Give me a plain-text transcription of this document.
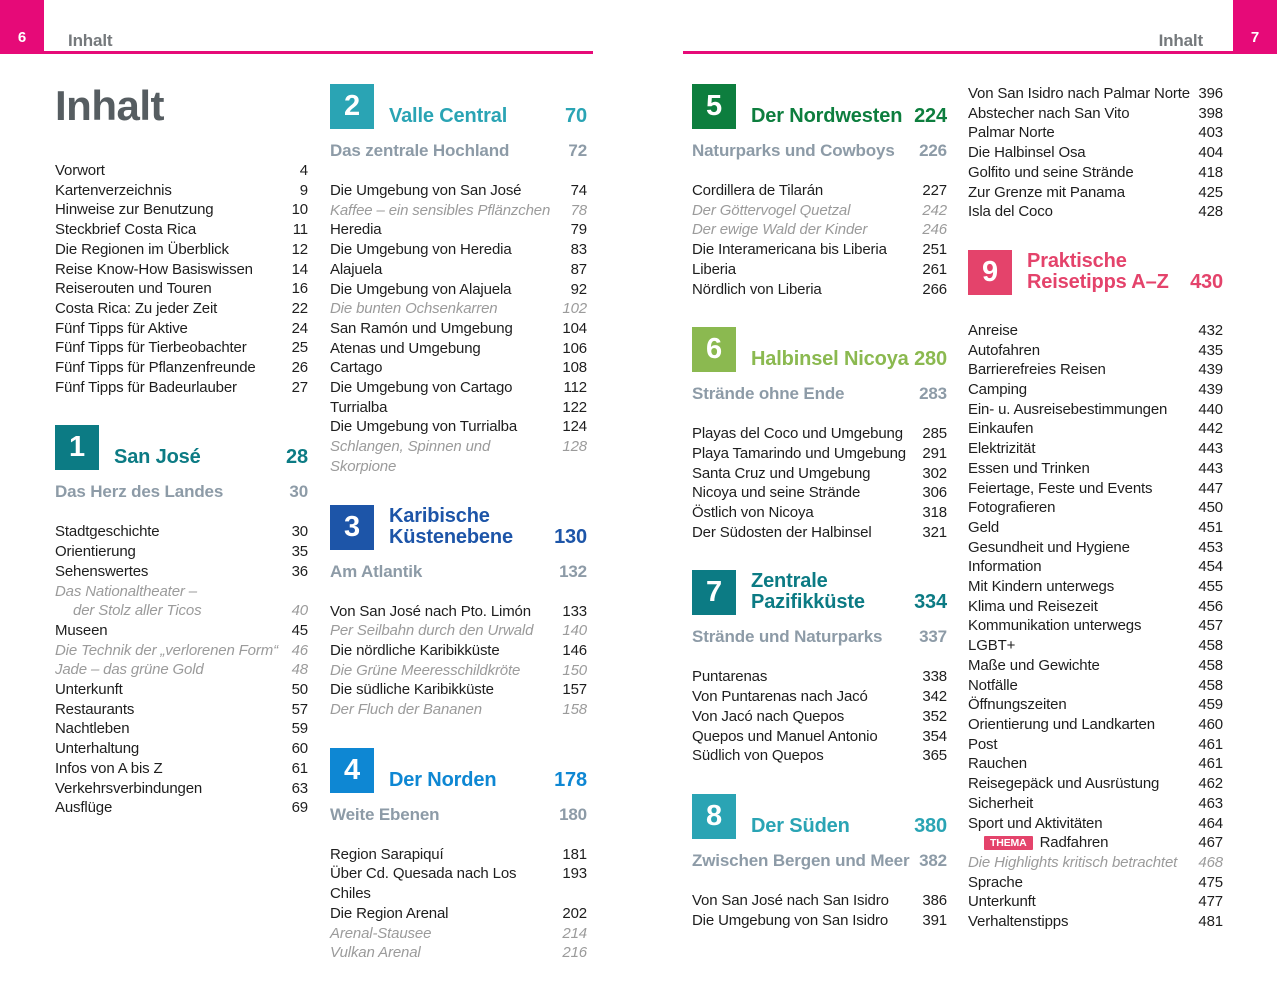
6	Inhalt	7
Inhalt
Inhalt
Vorwort	4
Kartenverzeichnis	9
Hinweise zur Benutzung	10
Steckbrief Costa Rica	11
Die Regionen im Überblick	12
Reise Know-How Basiswissen	14
Reiserouten und Touren	16
Costa Rica: Zu jeder Zeit	22
Fünf Tipps für Aktive	24
Fünf Tipps für Tierbeobachter	25
Fünf Tipps für Pflanzenfreunde	26
Fünf Tipps für Badeurlauber	27
1	San José	28
Das Herz des Landes	30
Stadtgeschichte	30
Orientierung	35
Sehenswertes	36
Das Nationaltheater –
der Stolz aller Ticos	40
Museen	45
Die Technik der „verlorenen Form“ 46
Jade – das grüne Gold	48
Unterkunft	50
Restaurants	57
Nachtleben	59
Unterhaltung	60
Infos von A bis Z	61
Verkehrsverbindungen	63
Ausflüge	69
2	Valle Central	70
Das zentrale Hochland	72
Die Umgebung von San José	74
Kaffee – ein sensibles Pflänzchen	78
Heredia	79
Die Umgebung von Heredia	83
Alajuela	87
Die Umgebung von Alajuela	92
Die bunten Ochsenkarren	102
San Ramón und Umgebung	104
Atenas und Umgebung	106
Cartago	108
Die Umgebung von Cartago	112
Turrialba	122
Die Umgebung von Turrialba	124
Schlangen, Spinnen und Skorpione
128
3	Karibische
Küstenebene	130
Am Atlantik	132
Von San José nach Pto. Limón	133
Per Seilbahn durch den Urwald	140
Die nördliche Karibikküste	146
Die Grüne Meeresschildkröte	150
Die südliche Karibikküste	157
Der Fluch der Bananen	158
4	Der Norden	178
Weite Ebenen	180
Region Sarapiquí	181
Über Cd. Quesada nach Los Chiles
193
Die Region Arenal	202
Arenal-Stausee	214
Vulkan Arenal	216
5	Der Nordwesten 224
Naturparks und Cowboys 226
Cordillera de Tilarán	227
Der Göttervogel Quetzal	242
Der ewige Wald der Kinder	246
Die Interamericana bis Liberia	251
Liberia	261
Nördlich von Liberia	266
6	Halbinsel Nicoya 280
Strände ohne Ende	283
Playas del Coco und Umgebung	285
Playa Tamarindo und Umgebung	291
Santa Cruz und Umgebung	302
Nicoya und seine Strände	306
Östlich von Nicoya	318
Der Südosten der Halbinsel	321
7	Zentrale
Pazifikküste	334
Strände und Naturparks 337
Puntarenas	338
Von Puntarenas nach Jacó	342
Von Jacó nach Quepos	352
Quepos und Manuel Antonio	354
Südlich von Quepos	365
8	Der Süden	380
Zwischen Bergen und Meer 382
Von San José nach San Isidro	386
Die Umgebung von San Isidro	391
Von San Isidro nach Palmar Norte 396
Abstecher nach San Vito	398
Palmar Norte	403
Die Halbinsel Osa	404
Golfito und seine Strände	418
Zur Grenze mit Panama	425
Isla del Coco	428
9	Praktische
Reisetipps A–Z	430
Anreise	432
Autofahren	435
Barrierefreies Reisen	439
Camping	439
Ein- u. Ausreisebestimmungen	440
Einkaufen	442
Elektrizität	443
Essen und Trinken	443
Feiertage, Feste und Events	447
Fotografieren	450
Geld	451
Gesundheit und Hygiene	453
Information	454
Mit Kindern unterwegs	455
Klima und Reisezeit	456
Kommunikation unterwegs	457
LGBT+	458
Maße und Gewichte	458
Notfälle	458
Öffnungszeiten	459
Orientierung und Landkarten	460
Post	461
Rauchen	461
Reisegepäck und Ausrüstung	462
Sicherheit	463
Sport und Aktivitäten	464
THEMA Radfahren	467
Die Highlights kritisch betrachtet	468
Sprache	475
Unterkunft	477
Verhaltenstipps	481
